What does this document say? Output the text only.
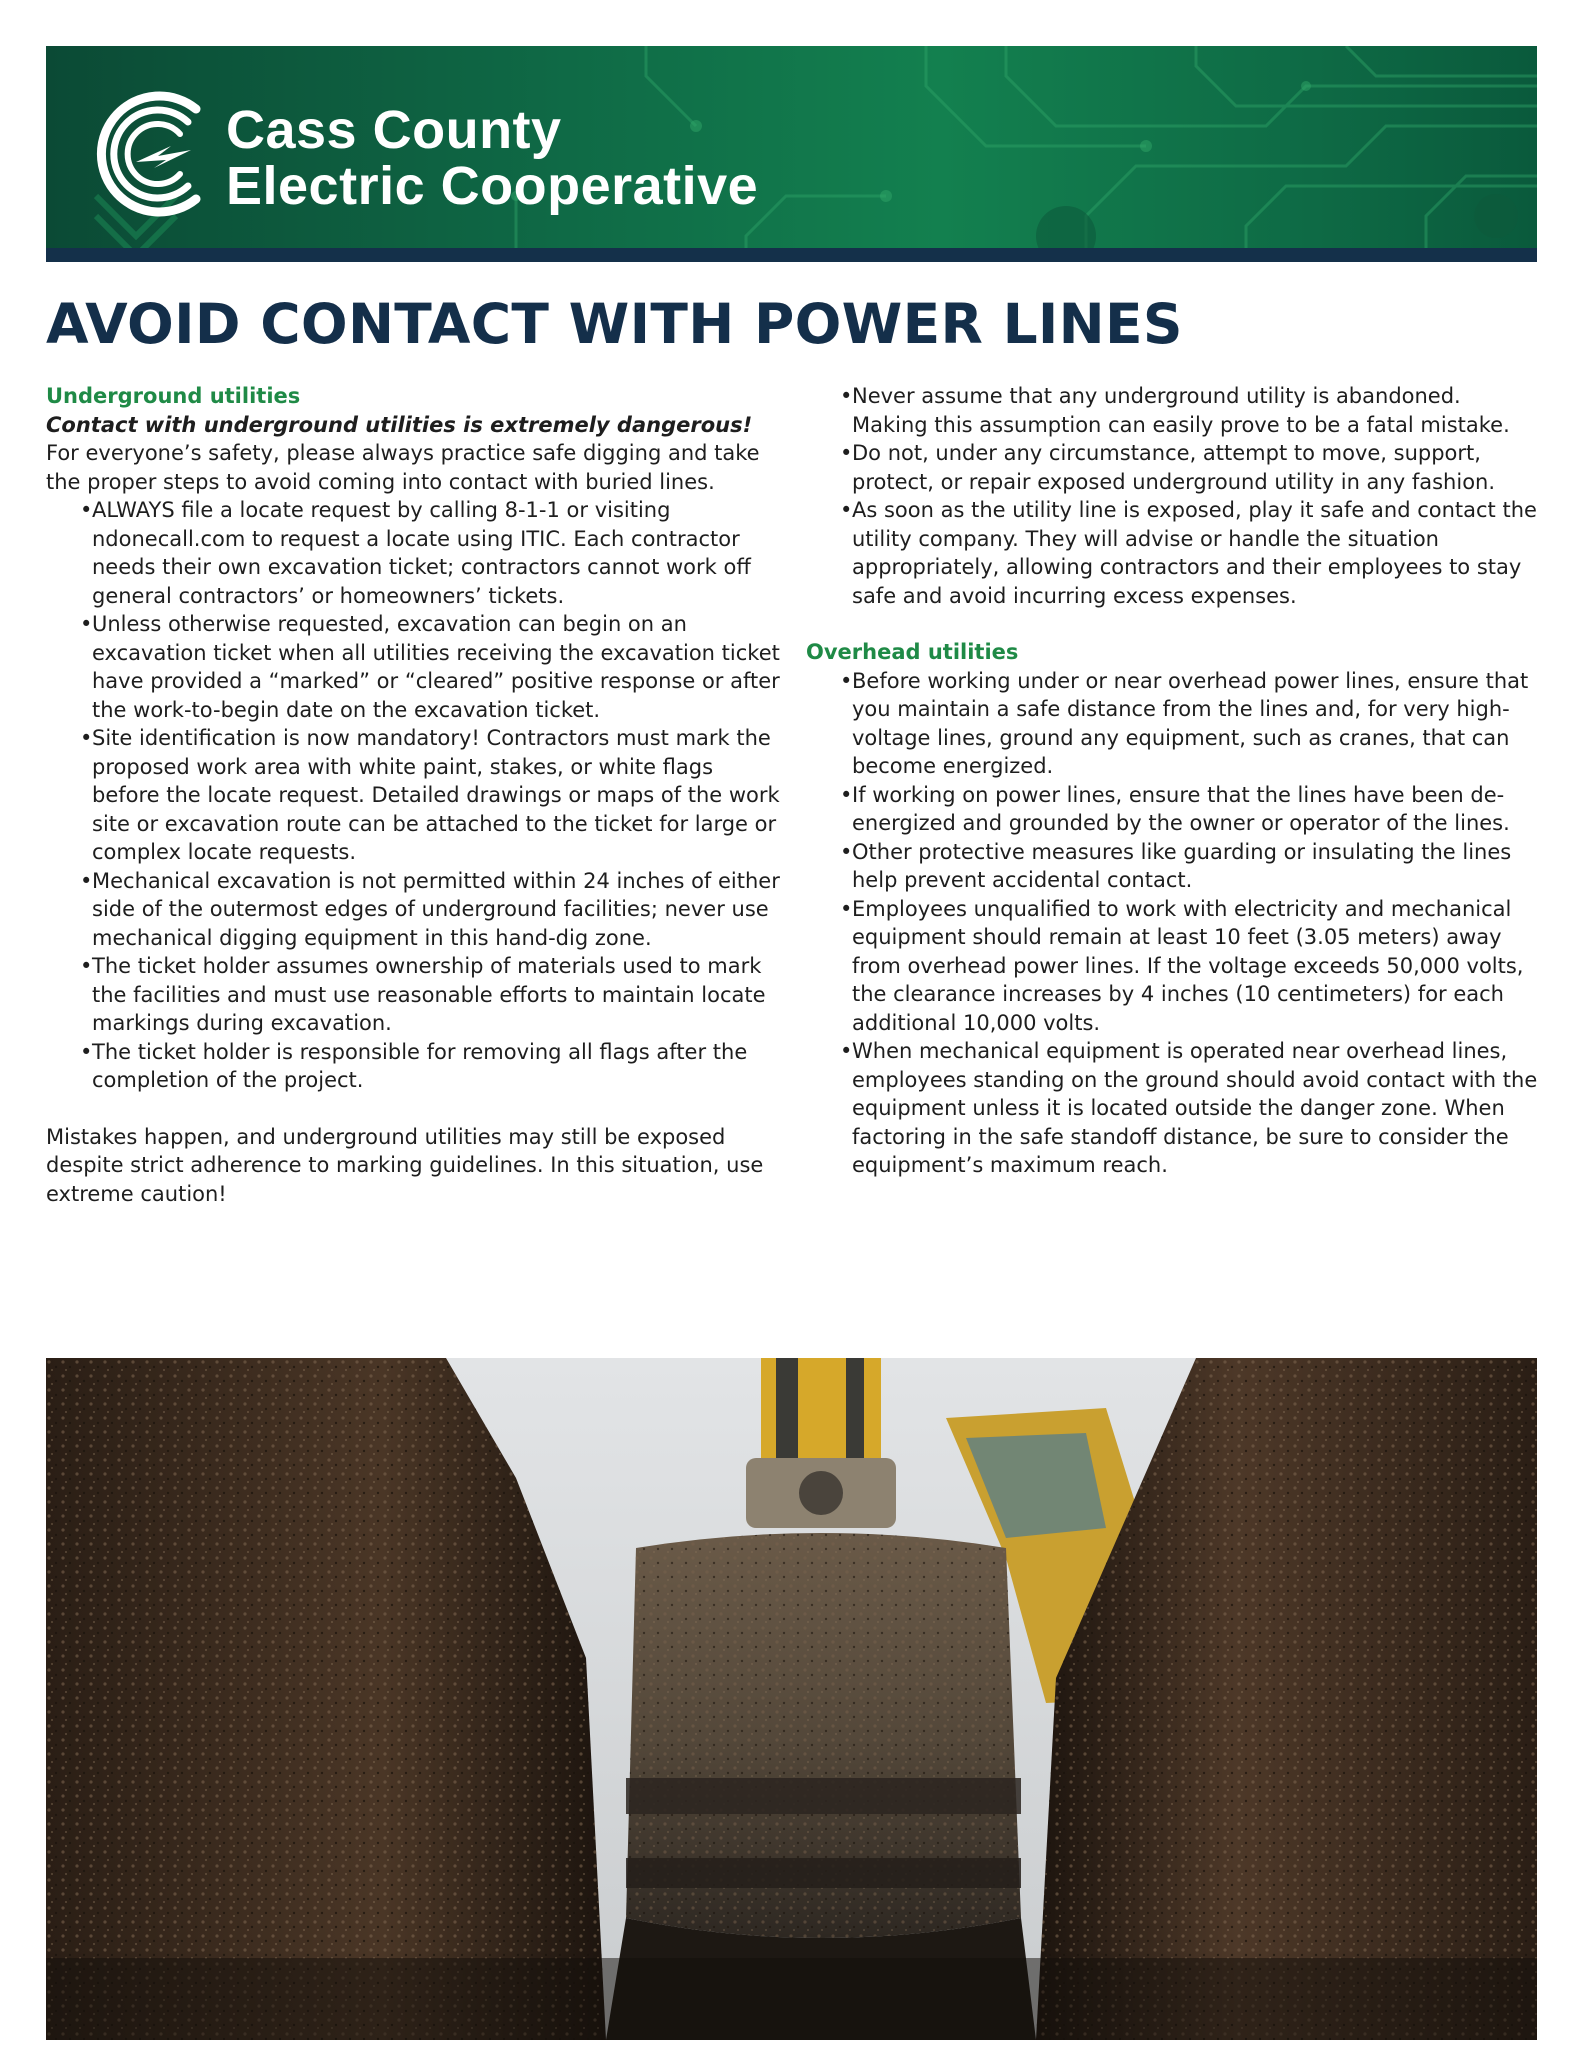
Cass County
Electric Cooperative
AVOID CONTACT WITH POWER LINES

Underground utilities

Contact with underground utilities is extremely dangerous!

For everyone’s safety, please always practice safe digging and take the proper steps to avoid coming into contact with buried lines.

• ALWAYS file a locate request by calling 8-1-1 or visiting ndonecall.com to request a locate using ITIC. Each contractor needs their own excavation ticket; contractors cannot work off general contractors’ or homeowners’ tickets.
• Unless otherwise requested, excavation can begin on an excavation ticket when all utilities receiving the excavation ticket have provided a “marked” or “cleared” positive response or after the work-to-begin date on the excavation ticket.
• Site identification is now mandatory! Contractors must mark the proposed work area with white paint, stakes, or white flags before the locate request. Detailed drawings or maps of the work site or excavation route can be attached to the ticket for large or complex locate requests.
• Mechanical excavation is not permitted within 24 inches of either side of the outermost edges of underground facilities; never use mechanical digging equipment in this hand-dig zone.
• The ticket holder assumes ownership of materials used to mark the facilities and must use reasonable efforts to maintain locate markings during excavation.
• The ticket holder is responsible for removing all flags after the completion of the project.

Mistakes happen, and underground utilities may still be exposed despite strict adherence to marking guidelines. In this situation, use extreme caution!

• Never assume that any underground utility is abandoned. Making this assumption can easily prove to be a fatal mistake.
• Do not, under any circumstance, attempt to move, support, protect, or repair exposed underground utility in any fashion.
• As soon as the utility line is exposed, play it safe and contact the utility company. They will advise or handle the situation appropriately, allowing contractors and their employees to stay safe and avoid incurring excess expenses.

Overhead utilities

• Before working under or near overhead power lines, ensure that you maintain a safe distance from the lines and, for very high-voltage lines, ground any equipment, such as cranes, that can become energized.
• If working on power lines, ensure that the lines have been de-energized and grounded by the owner or operator of the lines.
• Other protective measures like guarding or insulating the lines help prevent accidental contact.
• Employees unqualified to work with electricity and mechanical equipment should remain at least 10 feet (3.05 meters) away from overhead power lines. If the voltage exceeds 50,000 volts, the clearance increases by 4 inches (10 centimeters) for each additional 10,000 volts.
• When mechanical equipment is operated near overhead lines, employees standing on the ground should avoid contact with the equipment unless it is located outside the danger zone. When factoring in the safe standoff distance, be sure to consider the equipment’s maximum reach.
